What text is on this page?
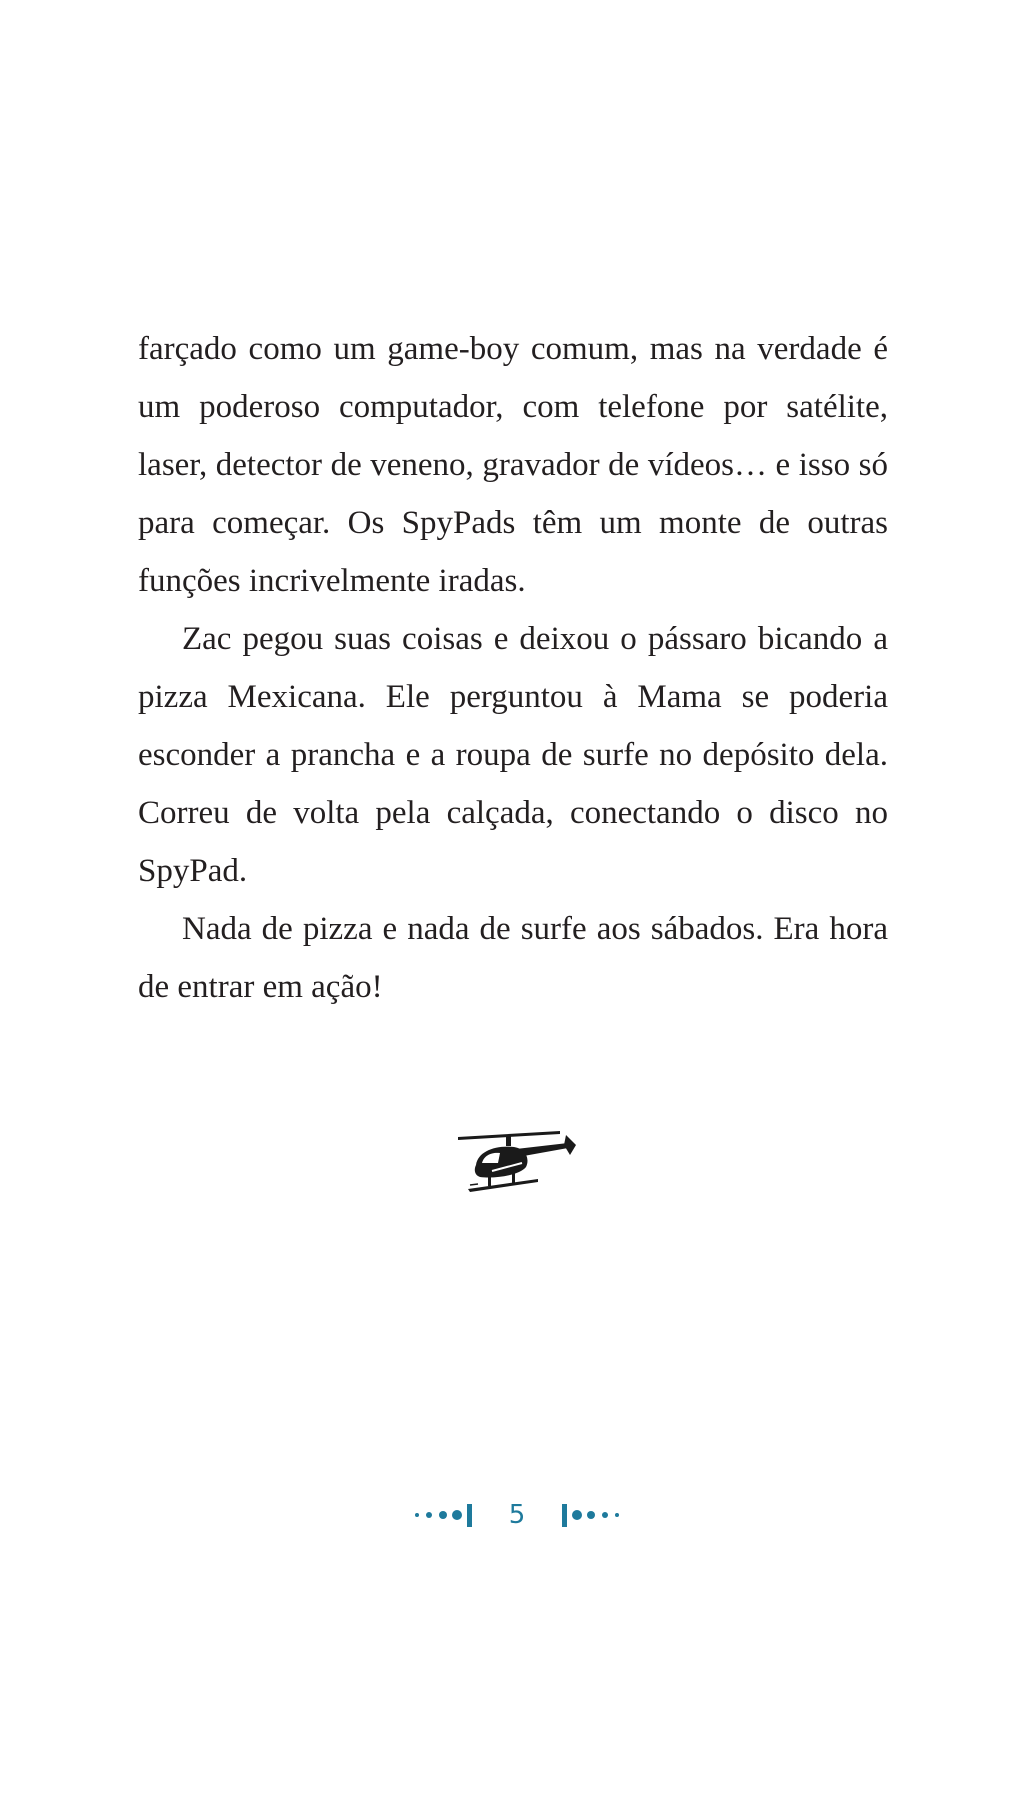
farçado como um game-boy comum, mas na verdade é um poderoso computador, com telefone por satélite, laser, detector de veneno, gravador de vídeos… e isso só para começar. Os SpyPads têm um monte de outras funções incrivelmente iradas.

Zac pegou suas coisas e deixou o pássaro bicando a pizza Mexicana. Ele perguntou à Mama se poderia esconder a prancha e a roupa de surfe no depósito dela. Correu de volta pela calçada, conectando o disco no SpyPad.

Nada de pizza e nada de surfe aos sábados. Era hora de entrar em ação!

5
